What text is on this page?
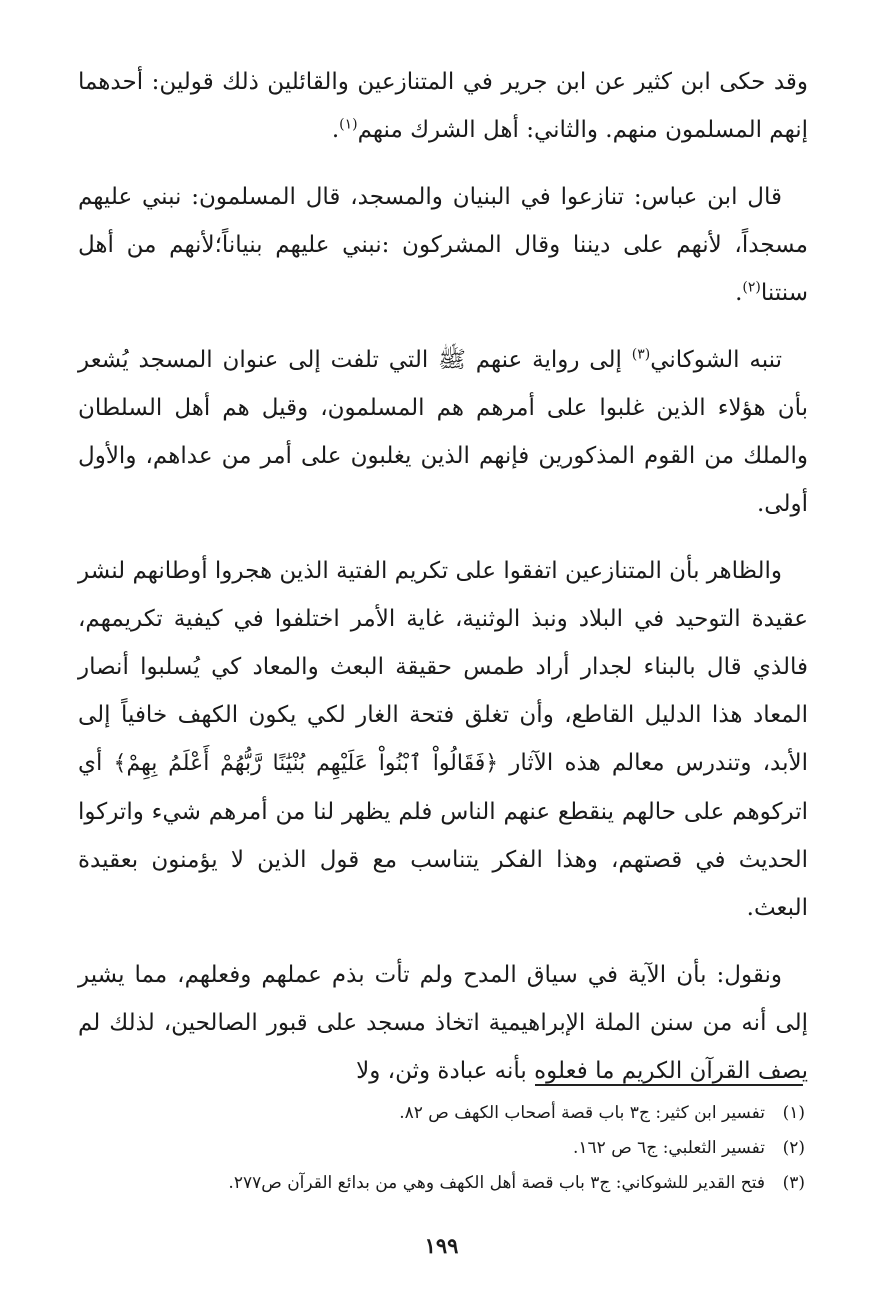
وقد حكى ابن كثير عن ابن جرير في المتنازعين والقائلين ذلك قولين: أحدهما إنهم المسلمون منهم. والثاني: أهل الشرك منهم$^{(١)}$.

قال ابن عباس: تنازعوا في البنيان والمسجد، قال المسلمون: نبني عليهم مسجداً، لأنهم على ديننا وقال المشركون :نبني عليهم بنياناً؛لأنهم من أهل سنتنا$^{(٢)}$.

تنبه الشوكاني$^{(٣)}$ إلى رواية عنهم ﷺ التي تلفت إلى عنوان المسجد يُشعر بأن هؤلاء الذين غلبوا على أمرهم هم المسلمون، وقيل هم أهل السلطان والملك من القوم المذكورين فإنهم الذين يغلبون على أمر من عداهم، والأول أولى.

والظاهر بأن المتنازعين اتفقوا على تكريم الفتية الذين هجروا أوطانهم لنشر عقيدة التوحيد في البلاد ونبذ الوثنية، غاية الأمر اختلفوا في كيفية تكريمهم، فالذي قال بالبناء لجدار أراد طمس حقيقة البعث والمعاد كي يُسلبوا أنصار المعاد هذا الدليل القاطع، وأن تغلق فتحة الغار لكي يكون الكهف خافياً إلى الأبد، وتندرس معالم هذه الآثار ﴿فَقَالُواْ ٱبْنُواْ عَلَيْهِم بُنْيَٰنًا رَّبُّهُمْ أَعْلَمُ بِهِمْ﴾ أي اتركوهم على حالهم ينقطع عنهم الناس فلم يظهر لنا من أمرهم شيء واتركوا الحديث في قصتهم، وهذا الفكر يتناسب مع قول الذين لا يؤمنون بعقيدة البعث.

ونقول: بأن الآية في سياق المدح ولم تأت بذم عملهم وفعلهم، مما يشير إلى أنه من سنن الملة الإبراهيمية اتخاذ مسجد على قبور الصالحين، لذلك لم يصف القرآن الكريم ما فعلوه بأنه عبادة وثن، ولا

(١)
تفسير ابن كثير: ج٣ باب قصة أصحاب الكهف ص ٨٢.
(٢)
تفسير الثعلبي: ج٦ ص ١٦٢.
(٣)
فتح القدير للشوكاني: ج٣ باب قصة أهل الكهف وهي من بدائع القرآن ص٢٧٧.
١٩٩
